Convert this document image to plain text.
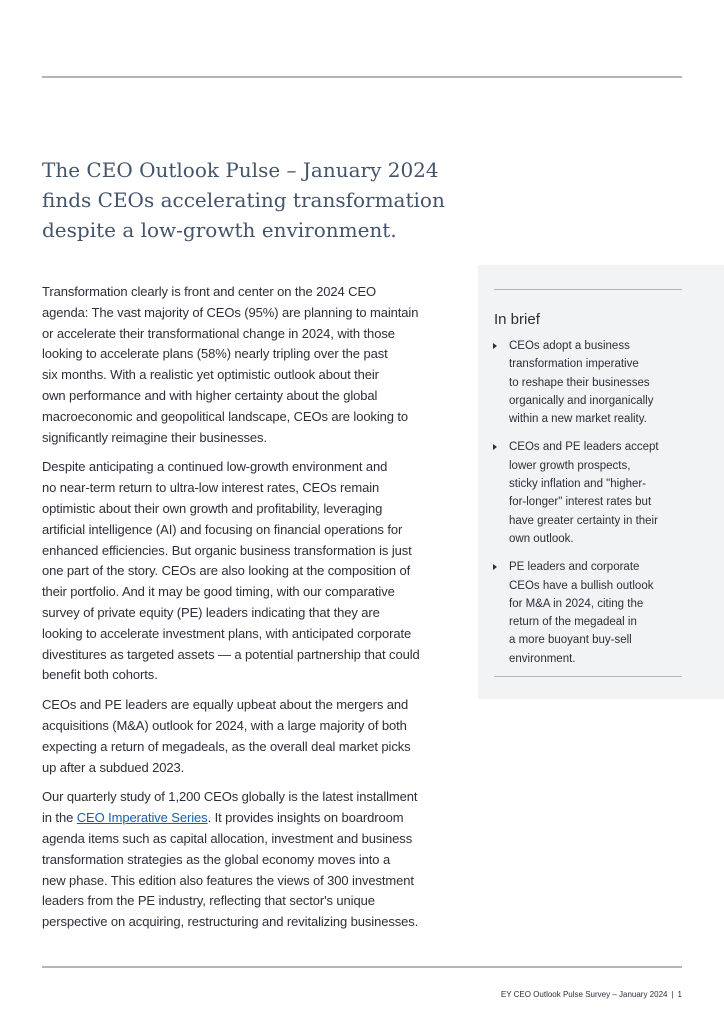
The CEO Outlook Pulse – January 2024
finds CEOs accelerating transformation
despite a low-growth environment.

Transformation clearly is front and center on the 2024 CEO
agenda: The vast majority of CEOs (95%) are planning to maintain
or accelerate their transformational change in 2024, with those
looking to accelerate plans (58%) nearly tripling over the past
six months. With a realistic yet optimistic outlook about their
own performance and with higher certainty about the global
macroeconomic and geopolitical landscape, CEOs are looking to
significantly reimagine their businesses.

Despite anticipating a continued low-growth environment and
no near-term return to ultra-low interest rates, CEOs remain
optimistic about their own growth and profitability, leveraging
artificial intelligence (AI) and focusing on financial operations for
enhanced efficiencies. But organic business transformation is just
one part of the story. CEOs are also looking at the composition of
their portfolio. And it may be good timing, with our comparative
survey of private equity (PE) leaders indicating that they are
looking to accelerate investment plans, with anticipated corporate
divestitures as targeted assets — a potential partnership that could
benefit both cohorts.

CEOs and PE leaders are equally upbeat about the mergers and
acquisitions (M&A) outlook for 2024, with a large majority of both
expecting a return of megadeals, as the overall deal market picks
up after a subdued 2023.

Our quarterly study of 1,200 CEOs globally is the latest installment
in the CEO Imperative Series. It provides insights on boardroom
agenda items such as capital allocation, investment and business
transformation strategies as the global economy moves into a
new phase. This edition also features the views of 300 investment
leaders from the PE industry, reflecting that sector's unique
perspective on acquiring, restructuring and revitalizing businesses.

In brief
CEOs adopt a business
transformation imperative
to reshape their businesses
organically and inorganically
within a new market reality.
CEOs and PE leaders accept
lower growth prospects,
sticky inflation and "higher-
for-longer" interest rates but
have greater certainty in their
own outlook.
PE leaders and corporate
CEOs have a bullish outlook
for M&A in 2024, citing the
return of the megadeal in
a more buoyant buy-sell
environment.
EY CEO Outlook Pulse Survey – January 2024 | 1
